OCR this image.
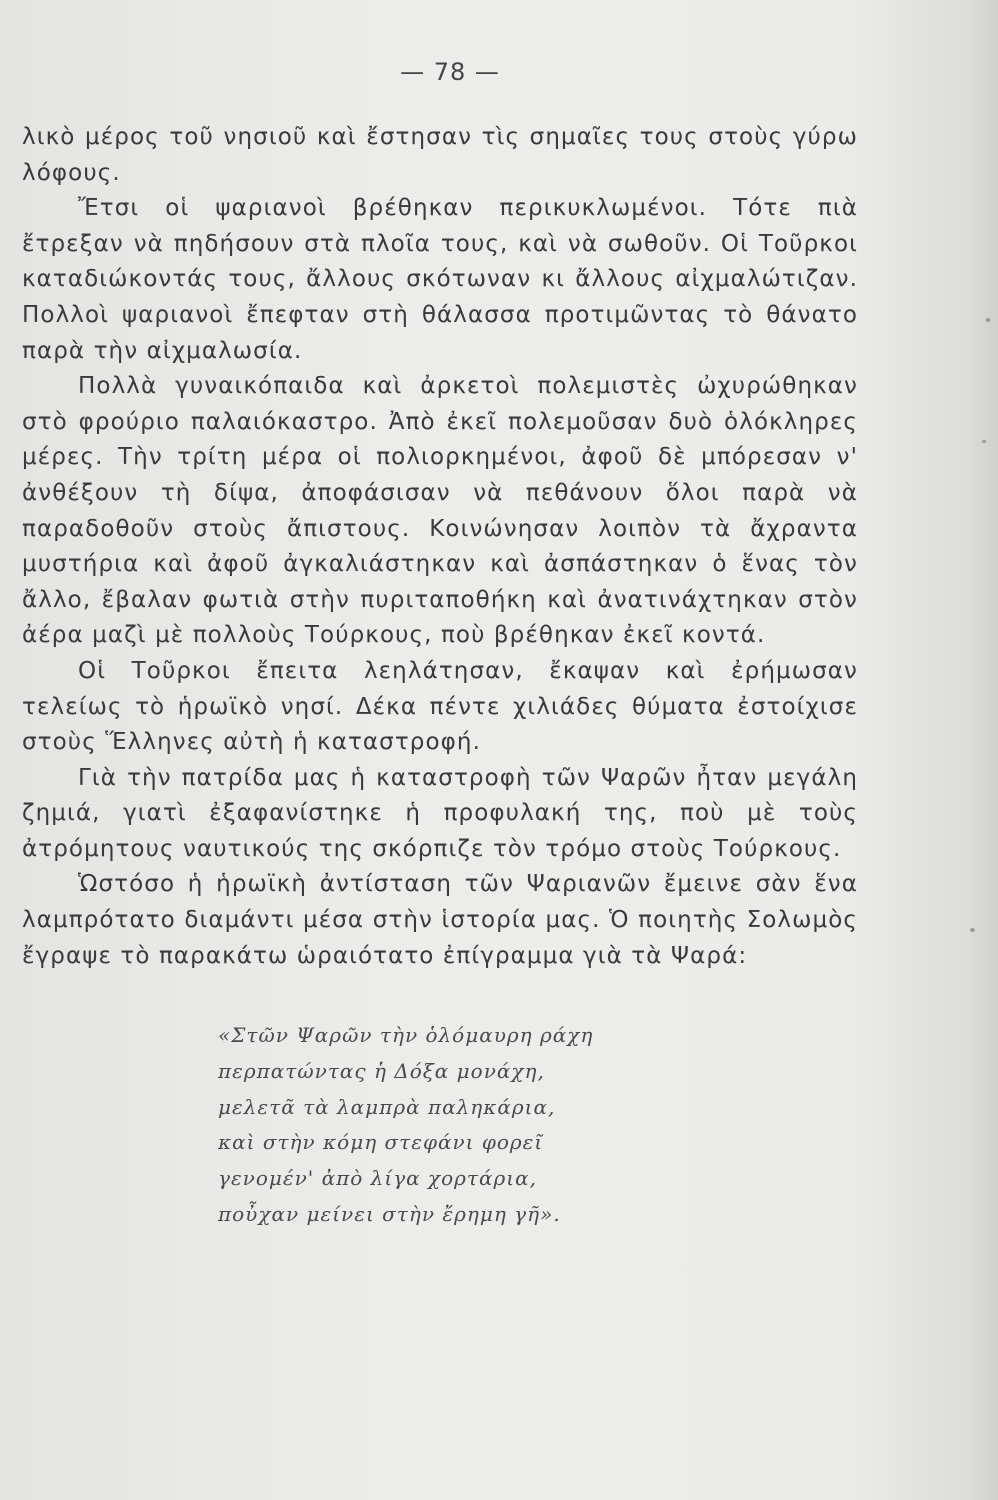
— 78 —

λικὸ μέρος τοῦ νησιοῦ καὶ ἔστησαν τὶς σημαῖες τους στοὺς γύρω λόφους.

Ἔτσι οἱ ψαριανοὶ βρέθηκαν περικυκλωμένοι. Τότε πιὰ ἔτρεξαν νὰ πηδήσουν στὰ πλοῖα τους, καὶ νὰ σωθοῦν. Οἱ Τοῦρκοι καταδιώκοντάς τους, ἄλλους σκότωναν κι ἄλλους αἰχμαλώτιζαν. Πολλοὶ ψαριανοὶ ἔπεφταν στὴ θάλασσα προτιμῶντας τὸ θάνατο παρὰ τὴν αἰχμαλωσία.

Πολλὰ γυναικόπαιδα καὶ ἀρκετοὶ πολεμιστὲς ὠχυρώθηκαν στὸ φρούριο παλαιόκαστρο. Ἀπὸ ἐκεῖ πολεμοῦσαν δυὸ ὁλόκληρες μέρες. Τὴν τρίτη μέρα οἱ πολιορκημένοι, ἀφοῦ δὲ μπόρεσαν ν' ἀνθέξουν τὴ δίψα, ἀποφάσισαν νὰ πεθάνουν ὅλοι παρὰ νὰ παραδοθοῦν στοὺς ἄπιστους. Κοινώνησαν λοιπὸν τὰ ἄχραντα μυστήρια καὶ ἀφοῦ ἀγκαλιάστηκαν καὶ ἀσπάστηκαν ὁ ἕνας τὸν ἄλλο, ἔβαλαν φωτιὰ στὴν πυριταποθήκη καὶ ἀνατινάχτηκαν στὸν ἀέρα μαζὶ μὲ πολλοὺς Τούρκους, ποὺ βρέθηκαν ἐκεῖ κοντά.

Οἱ Τοῦρκοι ἔπειτα λεηλάτησαν, ἔκαψαν καὶ ἐρήμωσαν τελείως τὸ ἡρωϊκὸ νησί. Δέκα πέντε χιλιάδες θύματα ἐστοίχισε στοὺς Ἕλληνες αὐτὴ ἡ καταστροφή.

Γιὰ τὴν πατρίδα μας ἡ καταστροφὴ τῶν Ψαρῶν ἦταν μεγάλη ζημιά, γιατὶ ἐξαφανίστηκε ἡ προφυλακή της, ποὺ μὲ τοὺς ἀτρόμητους ναυτικούς της σκόρπιζε τὸν τρόμο στοὺς Τούρκους.

Ὡστόσο ἡ ἡρωϊκὴ ἀντίσταση τῶν Ψαριανῶν ἔμεινε σὰν ἕνα λαμπρότατο διαμάντι μέσα στὴν ἱστορία μας. Ὁ ποιητὴς Σολωμὸς ἔγραψε τὸ παρακάτω ὡραιότατο ἐπίγραμμα γιὰ τὰ Ψαρά:

«Στῶν Ψαρῶν τὴν ὁλόμαυρη ράχη
περπατώντας ἡ Δόξα μονάχη,
μελετᾶ τὰ λαμπρὰ παληκάρια,
καὶ στὴν κόμη στεφάνι φορεῖ
γενομέν' ἀπὸ λίγα χορτάρια,
ποὖχαν μείνει στὴν ἔρημη γῆ».
